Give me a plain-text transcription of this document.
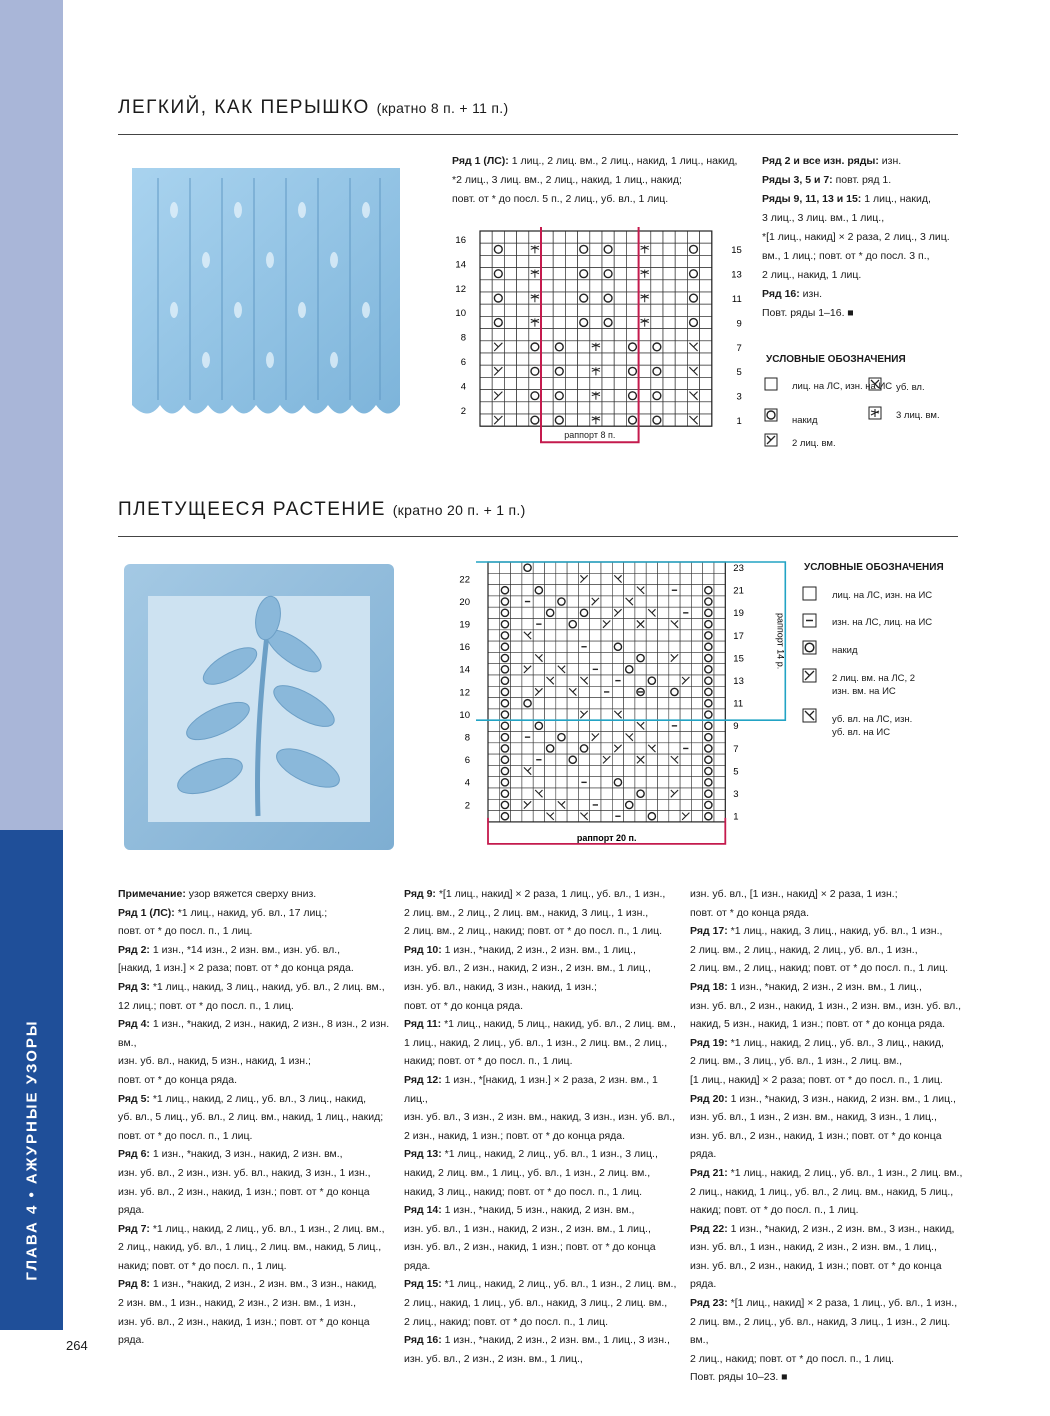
ГЛАВА 4 • АЖУРНЫЕ УЗОРЫ
264
ЛЕГКИЙ, КАК ПЕРЫШКО (кратно 8 п. + 11 п.)

Ряд 1 (ЛС): 1 лиц., 2 лиц. вм., 2 лиц., накид, 1 лиц., накид,

*2 лиц., 3 лиц. вм., 2 лиц., накид, 1 лиц., накид;

повт. от * до посл. 5 п., 2 лиц., уб. вл., 1 лиц.

Ряд 2 и все изн. ряды: изн.

Ряды 3, 5 и 7: повт. ряд 1.

Ряды 9, 11, 13 и 15: 1 лиц., накид,

3 лиц., 3 лиц. вм., 1 лиц.,

*[1 лиц., накид] × 2 раза, 2 лиц., 3 лиц.

вм., 1 лиц.; повт. от * до посл. 3 п.,

2 лиц., накид, 1 лиц.

Ряд 16: изн.

Повт. ряды 1–16. ■

раппорт 8 п.
16
14
12
10
8
6
4
2
15
13
11
9
7
5
3
1
УСЛОВНЫЕ ОБОЗНАЧЕНИЯ
лиц. на ЛС, изн. на ИС
накид
2 лиц. вм.
уб. вл.
3 лиц. вм.
ПЛЕТУЩЕЕСЯ РАСТЕНИЕ (кратно 20 п. + 1 п.)
раппорт 14 р.
раппорт 20 п.
22
20
19
16
14
12
10
8
6
4
2
23
21
19
17
15
13
11
9
7
5
3
1
УСЛОВНЫЕ ОБОЗНАЧЕНИЯ
лиц. на ЛС, изн. на ИС
изн. на ЛС, лиц. на ИС
накид
2 лиц. вм. на ЛС, 2 изн. вм. на ИС
уб. вл. на ЛС, изн. уб. вл. на ИС

Примечание: узор вяжется сверху вниз.

Ряд 1 (ЛС): *1 лиц., накид, уб. вл., 17 лиц.;

повт. от * до посл. п., 1 лиц.

Ряд 2: 1 изн., *14 изн., 2 изн. вм., изн. уб. вл.,

[накид, 1 изн.] × 2 раза; повт. от * до конца ряда.

Ряд 3: *1 лиц., накид, 3 лиц., накид, уб. вл., 2 лиц. вм.,

12 лиц.; повт. от * до посл. п., 1 лиц.

Ряд 4: 1 изн., *накид, 2 изн., накид, 2 изн., 8 изн., 2 изн. вм.,

изн. уб. вл., накид, 5 изн., накид, 1 изн.;

повт. от * до конца ряда.

Ряд 5: *1 лиц., накид, 2 лиц., уб. вл., 3 лиц., накид,

уб. вл., 5 лиц., уб. вл., 2 лиц. вм., накид, 1 лиц., накид;

повт. от * до посл. п., 1 лиц.

Ряд 6: 1 изн., *накид, 3 изн., накид, 2 изн. вм.,

изн. уб. вл., 2 изн., изн. уб. вл., накид, 3 изн., 1 изн.,

изн. уб. вл., 2 изн., накид, 1 изн.; повт. от * до конца ряда.

Ряд 7: *1 лиц., накид, 2 лиц., уб. вл., 1 изн., 2 лиц. вм.,

2 лиц., накид, уб. вл., 1 лиц., 2 лиц. вм., накид, 5 лиц.,

накид; повт. от * до посл. п., 1 лиц.

Ряд 8: 1 изн., *накид, 2 изн., 2 изн. вм., 3 изн., накид,

2 изн. вм., 1 изн., накид, 2 изн., 2 изн. вм., 1 изн.,

изн. уб. вл., 2 изн., накид, 1 изн.; повт. от * до конца ряда.

Ряд 9: *[1 лиц., накид] × 2 раза, 1 лиц., уб. вл., 1 изн.,

2 лиц. вм., 2 лиц., 2 лиц. вм., накид, 3 лиц., 1 изн.,

2 лиц. вм., 2 лиц., накид; повт. от * до посл. п., 1 лиц.

Ряд 10: 1 изн., *накид, 2 изн., 2 изн. вм., 1 лиц.,

изн. уб. вл., 2 изн., накид, 2 изн., 2 изн. вм., 1 лиц.,

изн. уб. вл., накид, 3 изн., накид, 1 изн.;

повт. от * до конца ряда.

Ряд 11: *1 лиц., накид, 5 лиц., накид, уб. вл., 2 лиц. вм.,

1 лиц., накид, 2 лиц., уб. вл., 1 изн., 2 лиц. вм., 2 лиц.,

накид; повт. от * до посл. п., 1 лиц.

Ряд 12: 1 изн., *[накид, 1 изн.] × 2 раза, 2 изн. вм., 1 лиц.,

изн. уб. вл., 3 изн., 2 изн. вм., накид, 3 изн., изн. уб. вл.,

2 изн., накид, 1 изн.; повт. от * до конца ряда.

Ряд 13: *1 лиц., накид, 2 лиц., уб. вл., 1 изн., 3 лиц.,

накид, 2 лиц. вм., 1 лиц., уб. вл., 1 изн., 2 лиц. вм.,

накид, 3 лиц., накид; повт. от * до посл. п., 1 лиц.

Ряд 14: 1 изн., *накид, 5 изн., накид, 2 изн. вм.,

изн. уб. вл., 1 изн., накид, 2 изн., 2 изн. вм., 1 лиц.,

изн. уб. вл., 2 изн., накид, 1 изн.; повт. от * до конца ряда.

Ряд 15: *1 лиц., накид, 2 лиц., уб. вл., 1 изн., 2 лиц. вм.,

2 лиц., накид, 1 лиц., уб. вл., накид, 3 лиц., 2 лиц. вм.,

2 лиц., накид; повт. от * до посл. п., 1 лиц.

Ряд 16: 1 изн., *накид, 2 изн., 2 изн. вм., 1 лиц., 3 изн.,

изн. уб. вл., 2 изн., 2 изн. вм., 1 лиц.,

изн. уб. вл., [1 изн., накид] × 2 раза, 1 изн.;

повт. от * до конца ряда.

Ряд 17: *1 лиц., накид, 3 лиц., накид, уб. вл., 1 изн.,

2 лиц. вм., 2 лиц., накид, 2 лиц., уб. вл., 1 изн.,

2 лиц. вм., 2 лиц., накид; повт. от * до посл. п., 1 лиц.

Ряд 18: 1 изн., *накид, 2 изн., 2 изн. вм., 1 лиц.,

изн. уб. вл., 2 изн., накид, 1 изн., 2 изн. вм., изн. уб. вл.,

накид, 5 изн., накид, 1 изн.; повт. от * до конца ряда.

Ряд 19: *1 лиц., накид, 2 лиц., уб. вл., 3 лиц., накид,

2 лиц. вм., 3 лиц., уб. вл., 1 изн., 2 лиц. вм.,

[1 лиц., накид] × 2 раза; повт. от * до посл. п., 1 лиц.

Ряд 20: 1 изн., *накид, 3 изн., накид, 2 изн. вм., 1 лиц.,

изн. уб. вл., 1 изн., 2 изн. вм., накид, 3 изн., 1 лиц.,

изн. уб. вл., 2 изн., накид, 1 изн.; повт. от * до конца ряда.

Ряд 21: *1 лиц., накид, 2 лиц., уб. вл., 1 изн., 2 лиц. вм.,

2 лиц., накид, 1 лиц., уб. вл., 2 лиц. вм., накид, 5 лиц.,

накид; повт. от * до посл. п., 1 лиц.

Ряд 22: 1 изн., *накид, 2 изн., 2 изн. вм., 3 изн., накид,

изн. уб. вл., 1 изн., накид, 2 изн., 2 изн. вм., 1 лиц.,

изн. уб. вл., 2 изн., накид, 1 изн.; повт. от * до конца ряда.

Ряд 23: *[1 лиц., накид] × 2 раза, 1 лиц., уб. вл., 1 изн.,

2 лиц. вм., 2 лиц., уб. вл., накид, 3 лиц., 1 изн., 2 лиц. вм.,

2 лиц., накид; повт. от * до посл. п., 1 лиц.

Повт. ряды 10–23. ■
